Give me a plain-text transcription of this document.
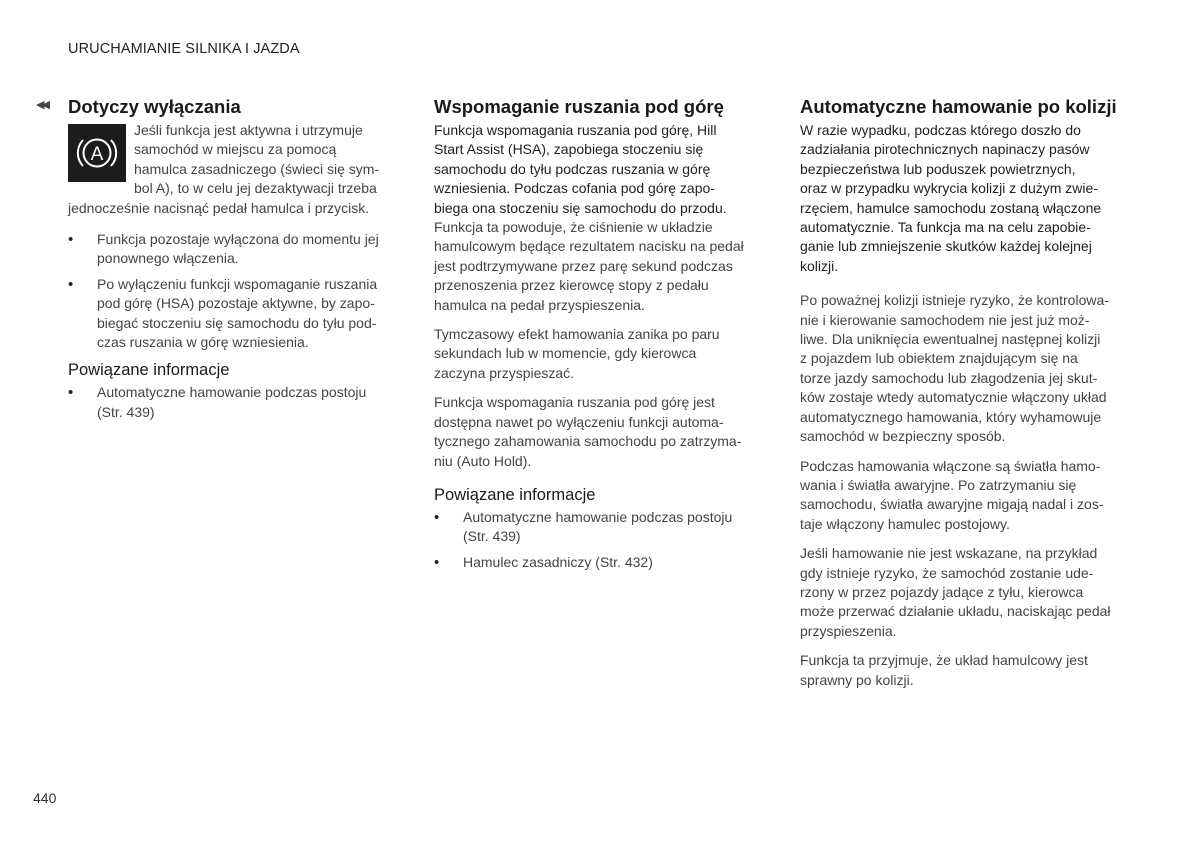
URUCHAMIANIE SILNIKA I JAZDA
◀◀ Dotyczy wyłączania
A

Jeśli funkcja jest aktywna i utrzymuje
samochód w miejscu za pomocą
hamulca zasadniczego (świeci się sym-
bol A), to w celu jej dezaktywacji trzeba

jednocześnie nacisnąć pedał hamulca i przycisk.

• Funkcja pozostaje wyłączona do momentu jej
ponownego włączenia.
• Po wyłączeniu funkcji wspomaganie ruszania
pod górę (HSA) pozostaje aktywne, by zapo-
biegać stoczeniu się samochodu do tyłu pod-
czas ruszania w górę wzniesienia.
Powiązane informacje
• Automatyczne hamowanie podczas postoju
(Str. 439)
Wspomaganie ruszania pod górę

Funkcja wspomagania ruszania pod górę, Hill
Start Assist (HSA), zapobiega stoczeniu się
samochodu do tyłu podczas ruszania w górę
wzniesienia. Podczas cofania pod górę zapo-
biega ona stoczeniu się samochodu do przodu.

Funkcja ta powoduje, że ciśnienie w układzie
hamulcowym będące rezultatem nacisku na pedał
jest podtrzymywane przez parę sekund podczas
przenoszenia przez kierowcę stopy z pedału
hamulca na pedał przyspieszenia.

Tymczasowy efekt hamowania zanika po paru
sekundach lub w momencie, gdy kierowca
zaczyna przyspieszać.

Funkcja wspomagania ruszania pod górę jest
dostępna nawet po wyłączeniu funkcji automa-
tycznego zahamowania samochodu po zatrzyma-
niu (Auto Hold).

Powiązane informacje
• Automatyczne hamowanie podczas postoju
(Str. 439)
• Hamulec zasadniczy (Str. 432)
Automatyczne hamowanie po kolizji

W razie wypadku, podczas którego doszło do
zadziałania pirotechnicznych napinaczy pasów
bezpieczeństwa lub poduszek powietrznych,
oraz w przypadku wykrycia kolizji z dużym zwie-
rzęciem, hamulce samochodu zostaną włączone
automatycznie. Ta funkcja ma na celu zapobie-
ganie lub zmniejszenie skutków każdej kolejnej
kolizji.

Po poważnej kolizji istnieje ryzyko, że kontrolowa-
nie i kierowanie samochodem nie jest już moż-
liwe. Dla uniknięcia ewentualnej następnej kolizji
z pojazdem lub obiektem znajdującym się na
torze jazdy samochodu lub złagodzenia jej skut-
ków zostaje wtedy automatycznie włączony układ
automatycznego hamowania, który wyhamowuje
samochód w bezpieczny sposób.

Podczas hamowania włączone są światła hamo-
wania i światła awaryjne. Po zatrzymaniu się
samochodu, światła awaryjne migają nadal i zos-
taje włączony hamulec postojowy.

Jeśli hamowanie nie jest wskazane, na przykład
gdy istnieje ryzyko, że samochód zostanie ude-
rzony w przez pojazdy jadące z tyłu, kierowca
może przerwać działanie układu, naciskając pedał
przyspieszenia.

Funkcja ta przyjmuje, że układ hamulcowy jest
sprawny po kolizji.

440
